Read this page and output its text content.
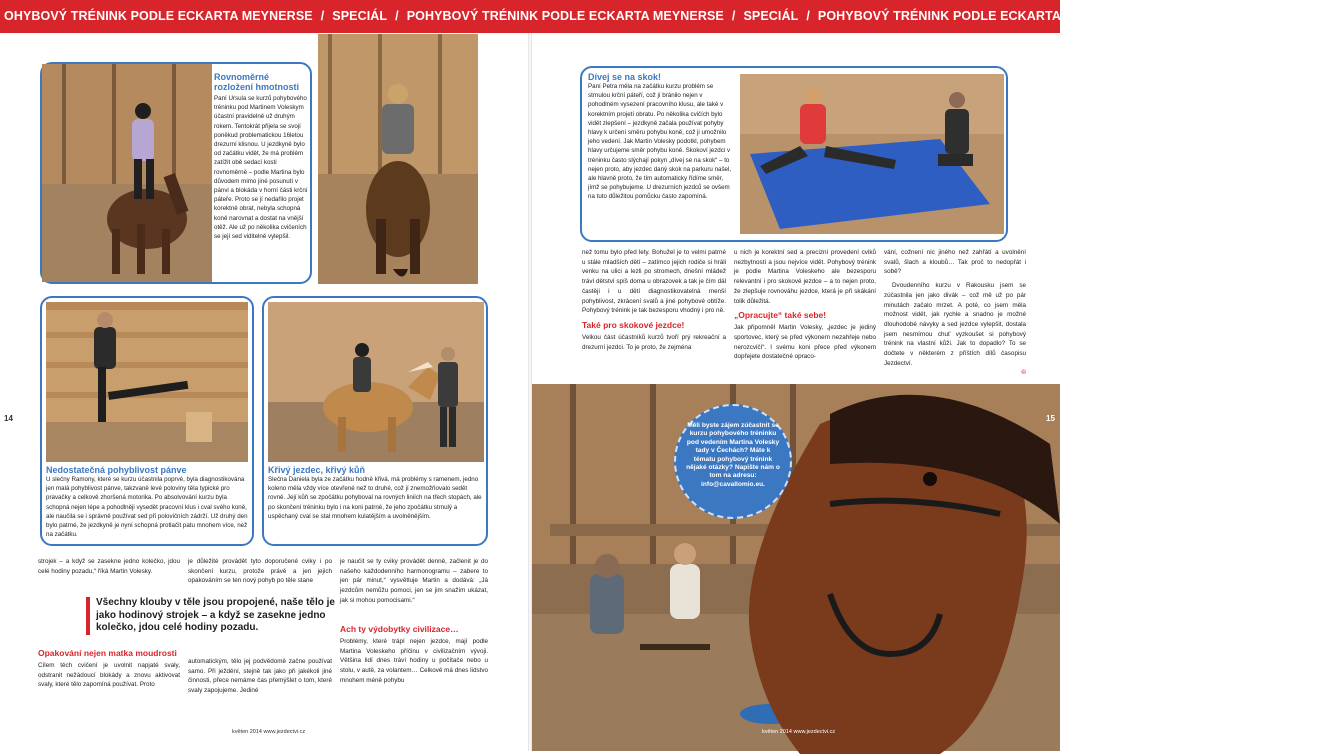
OHYBOVÝ TRÉNINK PODLE ECKARTA MEYNERSE / SPECIÁL / POHYBOVÝ TRÉNINK PODLE ECKARTA MEYNERSE / SPECIÁL / POHYBOVÝ TRÉNINK PODLE ECKARTA MEYNERSE / SPECIÁL / POHYBOVÝ TR
Rovnoměrné rozložení hmotnosti
Paní Ursula se kurzů pohybového tréninku pod Martinem Voleskym účastní pravidelně už druhým rokem. Tentokrát přijela se svojí poněkud problematickou 16letou drezurní klisnou. U jezdkyně bylo od začátku vidět, že má problém zatížit obě sedací kosti rovnoměrně – podle Martina bylo důvodem mimo jiné posunutí v pánvi a blokáda v horní části krční páteře. Proto se jí nedařilo projet korektně obrat, nebyla schopná koně narovnat a dostat na vnější otěž. Ale už po několika cvičeních se její sed viditelně vylepšil.
Nedostatečná pohyblivost pánve
U slečny Ramony, které se kurzu účastnila poprvé, byla diagnostikována jen malá pohyblivost pánve, takzvaně levé poloviny těla typické pro pravačky a celkově zhoršená motorika. Po absolvování kurzu byla schopná nejen lépe a pohodlněji vysedět pracovní klus i cval svého koně, ale naučila se i správně používat sed při polovičních zádrží. Už druhý den bylo patrné, že jezdkyně je nyní schopná protlačit patu mnohem více, než na začátku.
Křivý jezdec, křivý kůň
Slečna Daniela byla ze začátku hodně křivá, má problémy s ramenem, jedno koleno měla vždy více otevřené než to druhé, což jí znemožňovalo sedět rovně. Její kůň se zpočátku pohyboval na rovných liniích na třech stopách, ale po skončení tréninku bylo i na koni patrné, že jeho zpočátku strnulý a uspěchaný cval se stal mnohem kulatějším a uvolněnějším.
strojek – a když se zasekne jedno kolečko, jdou celé hodiny pozadu,“ říká Martin Volesky.
je důležité provádět tyto doporučené cviky i po skončení kurzu, protože právě a jen jejich opakováním se ten nový pohyb po těle stane
je naučit se ty cviky provádět denně, začlenit je do našeho každodenního harmonogramu – zabere to jen pár minut,“ vysvětluje Martin a dodává: „Já jezdcům nemůžu pomoci, jen se jim snažím ukázat, jak si mohou pomocisami.“
Všechny klouby v těle jsou propojené, naše tělo je jako hodinový strojek – a když se zasekne jedno kolečko, jdou celé hodiny pozadu.
Opakování nejen matka moudrosti
Cílem těch cvičení je uvolnit napjaté svaly, odstranit nežádoucí blokády a znovu aktivovat svaly, které tělo zapomíná používat. Proto
automatickým, tělo jej podvědomě začne používat samo. Při ježdění, stejně tak jako při jakékoli jiné činnosti, přece nemáme čas přemýšlet o tom, které svaly zapojujeme. Jediné
Ach ty výdobytky civilizace…
Problémy, které trápí nejen jezdce, mají podle Martina Voleskeho příčinu v civilizačním vývoji. Většina lidí dnes tráví hodiny u počítače nebo u stolu, v autě, za volantem… Celkově má dnes lidstvo mnohem méně pohybu
14
květen 2014 www.jezdectvi.cz
Dívej se na skok!
Paní Petra měla na začátku kurzu problém se strnulou krční páteří, což jí bránilo nejen v pohodlném vysezení pracovního klusu, ale také v korektním projetí obratu. Po několika cvičích bylo vidět zlepšení – jezdkyně začala používat pohyby hlavy k určení směru pohybu koně, což ji umožnilo jeho vedení. Jak Martin Volesky podotkl, pohybem hlavy určujeme směr pohybu koně. Skokoví jezdci v tréninku často slýchají pokyn „dívej se na skok“ – to nejen proto, aby jezdec daný skok na parkuru našel, ale hlavně proto, že tím automaticky řídíme směr, jímž se pohybujeme. U drezurních jezdců se ovšem na tuto důležitou pomůcku často zapomíná.
než tomu bylo před lety. Bohužel je to velmi patrné u stále mladších dětí – zatímco jejich rodiče si hráli venku na ulici a lezli po stromech, dnešní mládež tráví dětství spíš doma u obrazovek a tak je čím dál častěji i u dětí diagnostikovatelná menší pohyblivost, zkrácení svalů a jiné pohybové obtíže. Pohybový trénink je tak bezesporu vhodný i pro ně.
Také pro skokové jezdce!
Velkou část účastníků kurzů tvoří prý rekreační a drezurní jezdci. To je proto, že zejména
u nich je korektní sed a precizní provedení cviků nezbytností a jsou nejvíce vidět. Pohybový trénink je podle Martina Voleskeho ale bezesporu relevantní i pro skokové jezdce – a to nejen proto, že zlepšuje rovnováhu jezdce, která je při skákání tolik důležitá.
„Opracujte“ také sebe!
Jak připomněl Martin Volesky, „jezdec je jediný sportovec, který se před výkonem nezahřeje nebo nerozcvičí“. I svému koni přece před výkonem dopřejete dostatečné opraco-
vání, cožnení nic jiného než zahřátí a uvolnění svalů, šlach a kloubů… Tak proč to nedopřát i sobě?
Dvoudenního kurzu v Rakousku jsem se zúčastnila jen jako divák – což mě už po pár minutách začalo mrzet. A poté, co jsem měla možnost vidět, jak rychle a snadno je možné dlouhodobé návyky a sed jezdce vylepšit, dostala jsem nesmírnou chuť vyzkoušet si pohybový trénink na vlastní kůži. Jak to dopadlo? To se dočtete v některém z příštích dílů časopisu Jezdectví.
©
Měli byste zájem zúčastnit se kurzu pohybového tréninku pod vedením Martina Volesky tady v Čechách? Máte k tématu pohybový trénink nějaké otázky? Napište nám o tom na adresu: info@cavallomio.eu.
15
květen 2014 www.jezdectvi.cz
